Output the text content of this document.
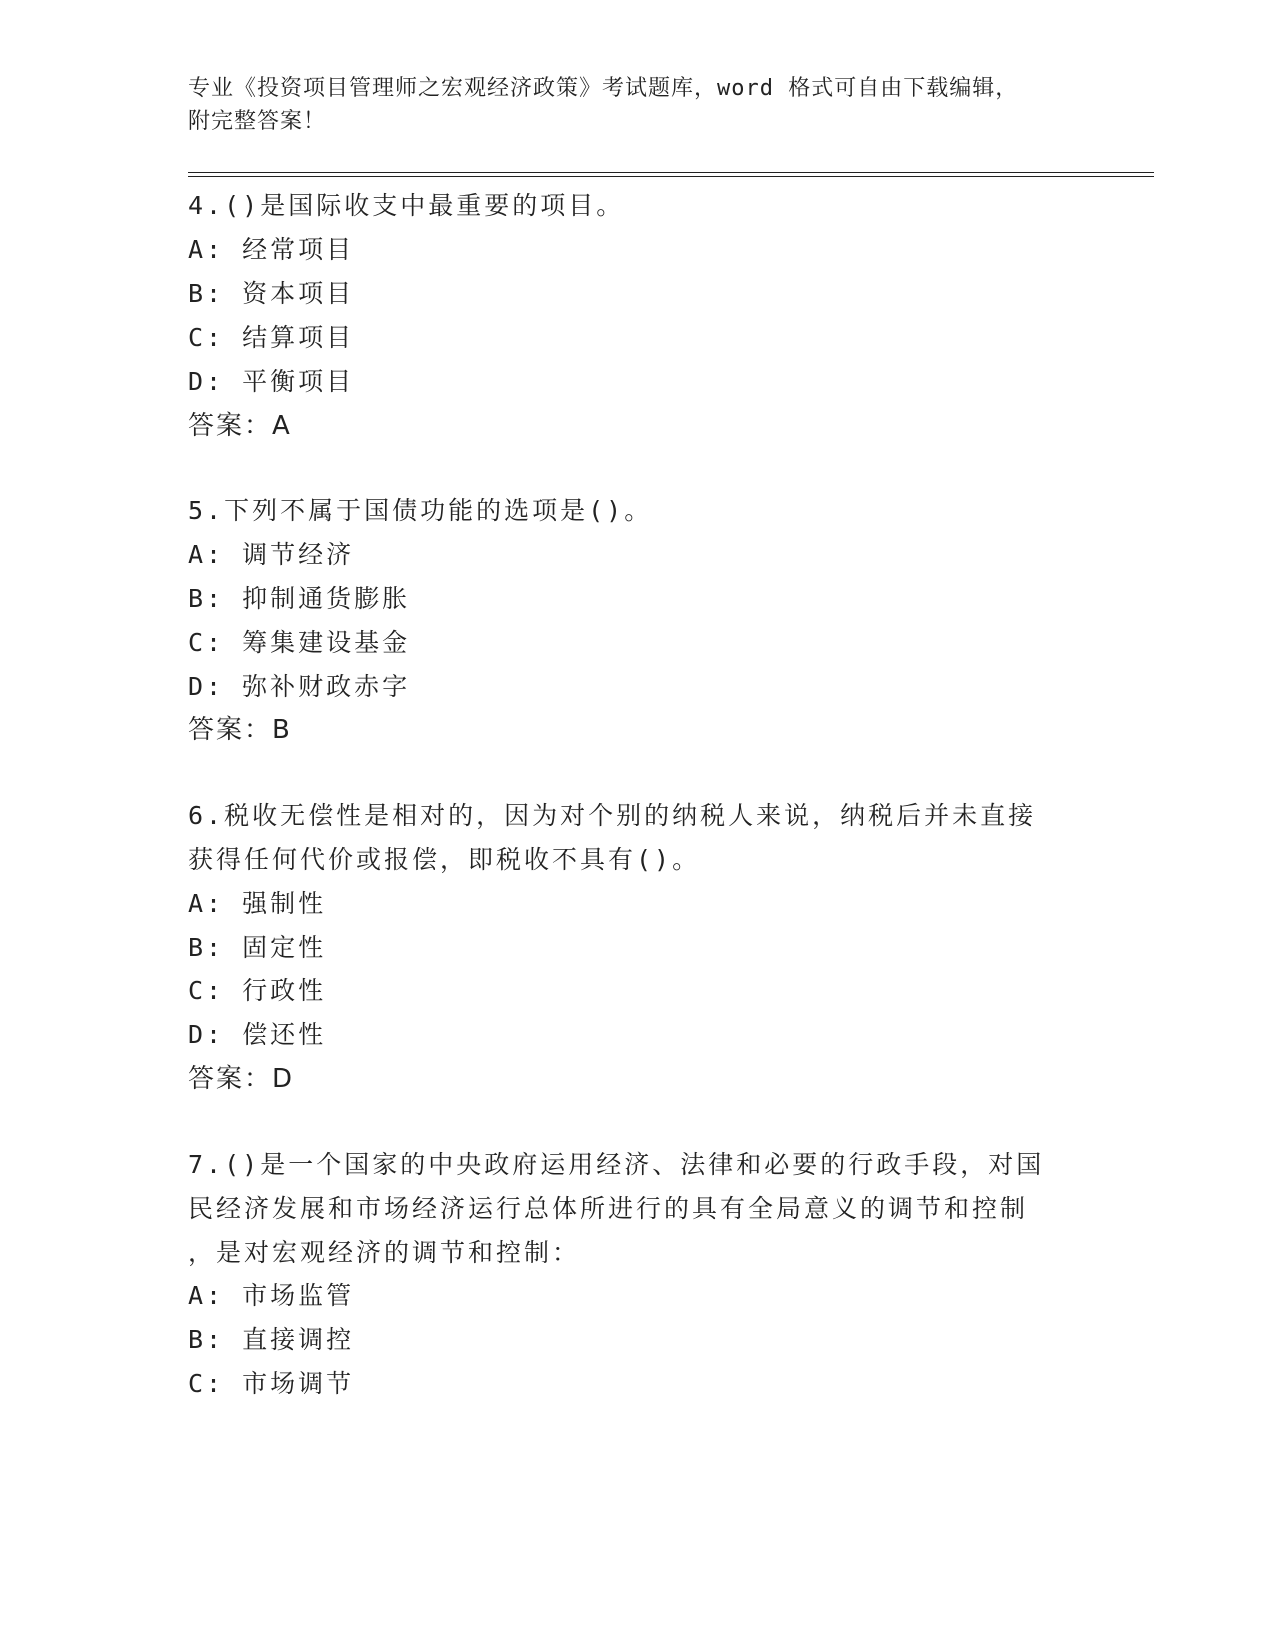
专业《投资项目管理师之宏观经济政策》考试题库，word 格式可自由下载编辑，
附完整答案！
4.()是国际收支中最重要的项目。
A: 经常项目
B: 资本项目
C: 结算项目
D: 平衡项目
答案：A
5.下列不属于国债功能的选项是()。
A: 调节经济
B: 抑制通货膨胀
C: 筹集建设基金
D: 弥补财政赤字
答案：B
6.税收无偿性是相对的，因为对个别的纳税人来说，纳税后并未直接
获得任何代价或报偿，即税收不具有()。
A: 强制性
B: 固定性
C: 行政性
D: 偿还性
答案：D
7.()是一个国家的中央政府运用经济、法律和必要的行政手段，对国
民经济发展和市场经济运行总体所进行的具有全局意义的调节和控制
，是对宏观经济的调节和控制：
A: 市场监管
B: 直接调控
C: 市场调节
